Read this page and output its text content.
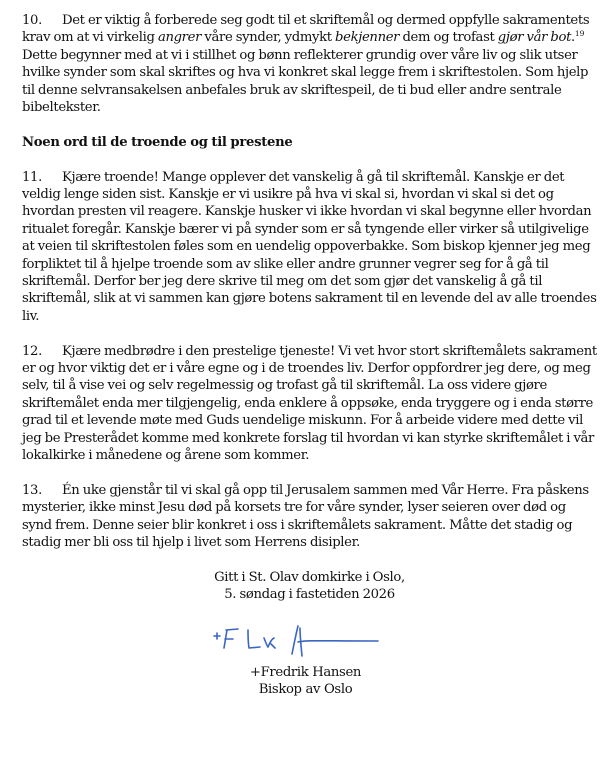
10. Det er viktig å forberede seg godt til et skriftemål og dermed oppfylle sakramentets krav om at vi virkelig angrer våre synder, ydmykt bekjenner dem og trofast gjør vår bot.$^{19}$ Dette begynner med at vi i stillhet og bønn reflekterer grundig over våre liv og slik utser hvilke synder som skal skriftes og hva vi konkret skal legge frem i skriftestolen. Som hjelp til denne selvransakelsen anbefales bruk av skriftespeil, de ti bud eller andre sentrale bibeltekster.

Noen ord til de troende og til prestene

11. Kjære troende! Mange opplever det vanskelig å gå til skriftemål. Kanskje er det veldig lenge siden sist. Kanskje er vi usikre på hva vi skal si, hvordan vi skal si det og hvordan presten vil reagere. Kanskje husker vi ikke hvordan vi skal begynne eller hvordan ritualet foregår. Kanskje bærer vi på synder som er så tyngende eller virker så utilgivelige at veien til skriftestolen føles som en uendelig oppoverbakke. Som biskop kjenner jeg meg forpliktet til å hjelpe troende som av slike eller andre grunner vegrer seg for å gå til skriftemål. Derfor ber jeg dere skrive til meg om det som gjør det vanskelig å gå til skriftemål, slik at vi sammen kan gjøre botens sakrament til en levende del av alle troendes liv.

12. Kjære medbrødre i den prestelige tjeneste! Vi vet hvor stort skriftemålets sakrament er og hvor viktig det er i våre egne og i de troendes liv. Derfor oppfordrer jeg dere, og meg selv, til å vise vei og selv regelmessig og trofast gå til skriftemål. La oss videre gjøre skriftemålet enda mer tilgjengelig, enda enklere å oppsøke, enda tryggere og i enda større grad til et levende møte med Guds uendelige miskunn. For å arbeide videre med dette vil jeg be Presterådet komme med konkrete forslag til hvordan vi kan styrke skriftemålet i vår lokalkirke i månedene og årene som kommer.

13. Én uke gjenstår til vi skal gå opp til Jerusalem sammen med Vår Herre. Fra påskens mysterier, ikke minst Jesu død på korsets tre for våre synder, lyser seieren over død og synd frem. Denne seier blir konkret i oss i skriftemålets sakrament. Måtte det stadig og stadig mer bli oss til hjelp i livet som Herrens disipler.

Gitt i St. Olav domkirke i Oslo,
5. søndag i fastetiden 2026

+Fredrik Hansen
Biskop av Oslo
